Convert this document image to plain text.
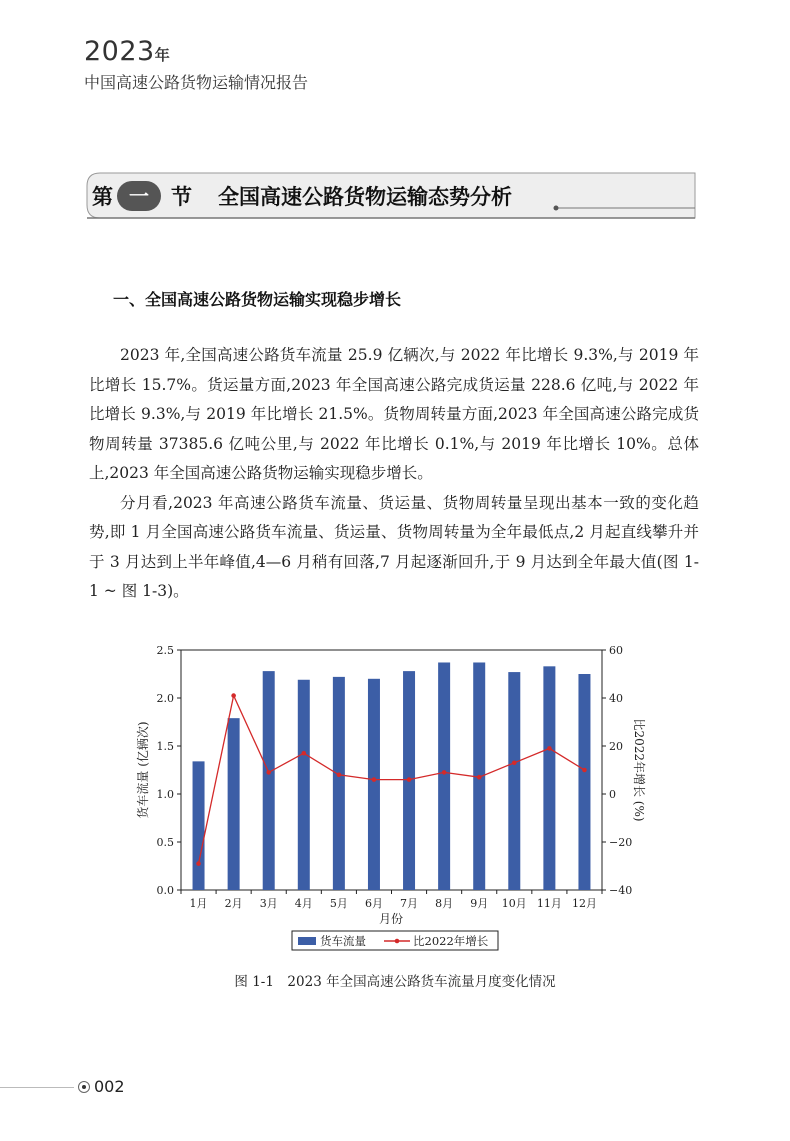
2023年
中国高速公路货物运输情况报告
第 一 节 全国高速公路货物运输态势分析
一、全国高速公路货物运输实现稳步增长

2023 年,全国高速公路货车流量 25.9 亿辆次,与 2022 年比增长 9.3%,与 2019 年比增长 15.7%。货运量方面,2023 年全国高速公路完成货运量 228.6 亿吨,与 2022 年比增长 9.3%,与 2019 年比增长 21.5%。货物周转量方面,2023 年全国高速公路完成货物周转量 37385.6 亿吨公里,与 2022 年比增长 0.1%,与 2019 年比增长 10%。总体上,2023 年全国高速公路货物运输实现稳步增长。

分月看,2023 年高速公路货车流量、货运量、货物周转量呈现出基本一致的变化趋势,即 1 月全国高速公路货车流量、货运量、货物周转量为全年最低点,2 月起直线攀升并于 3 月达到上半年峰值,4—6 月稍有回落,7 月起逐渐回升,于 9 月达到全年最大值(图 1-1 ~ 图 1-3)。

0.0
0.5
1.0
1.5
2.0
2.5
−40
−20
0
20
40
60
1月 2月 3月 4月 5月 6月 7月 8月 9月 10月 11月 12月
月份
货车流量 (亿辆次)	比2022年增长 (%)
货车流量	比2022年增长
图 1-1　2023 年全国高速公路货车流量月度变化情况
002
